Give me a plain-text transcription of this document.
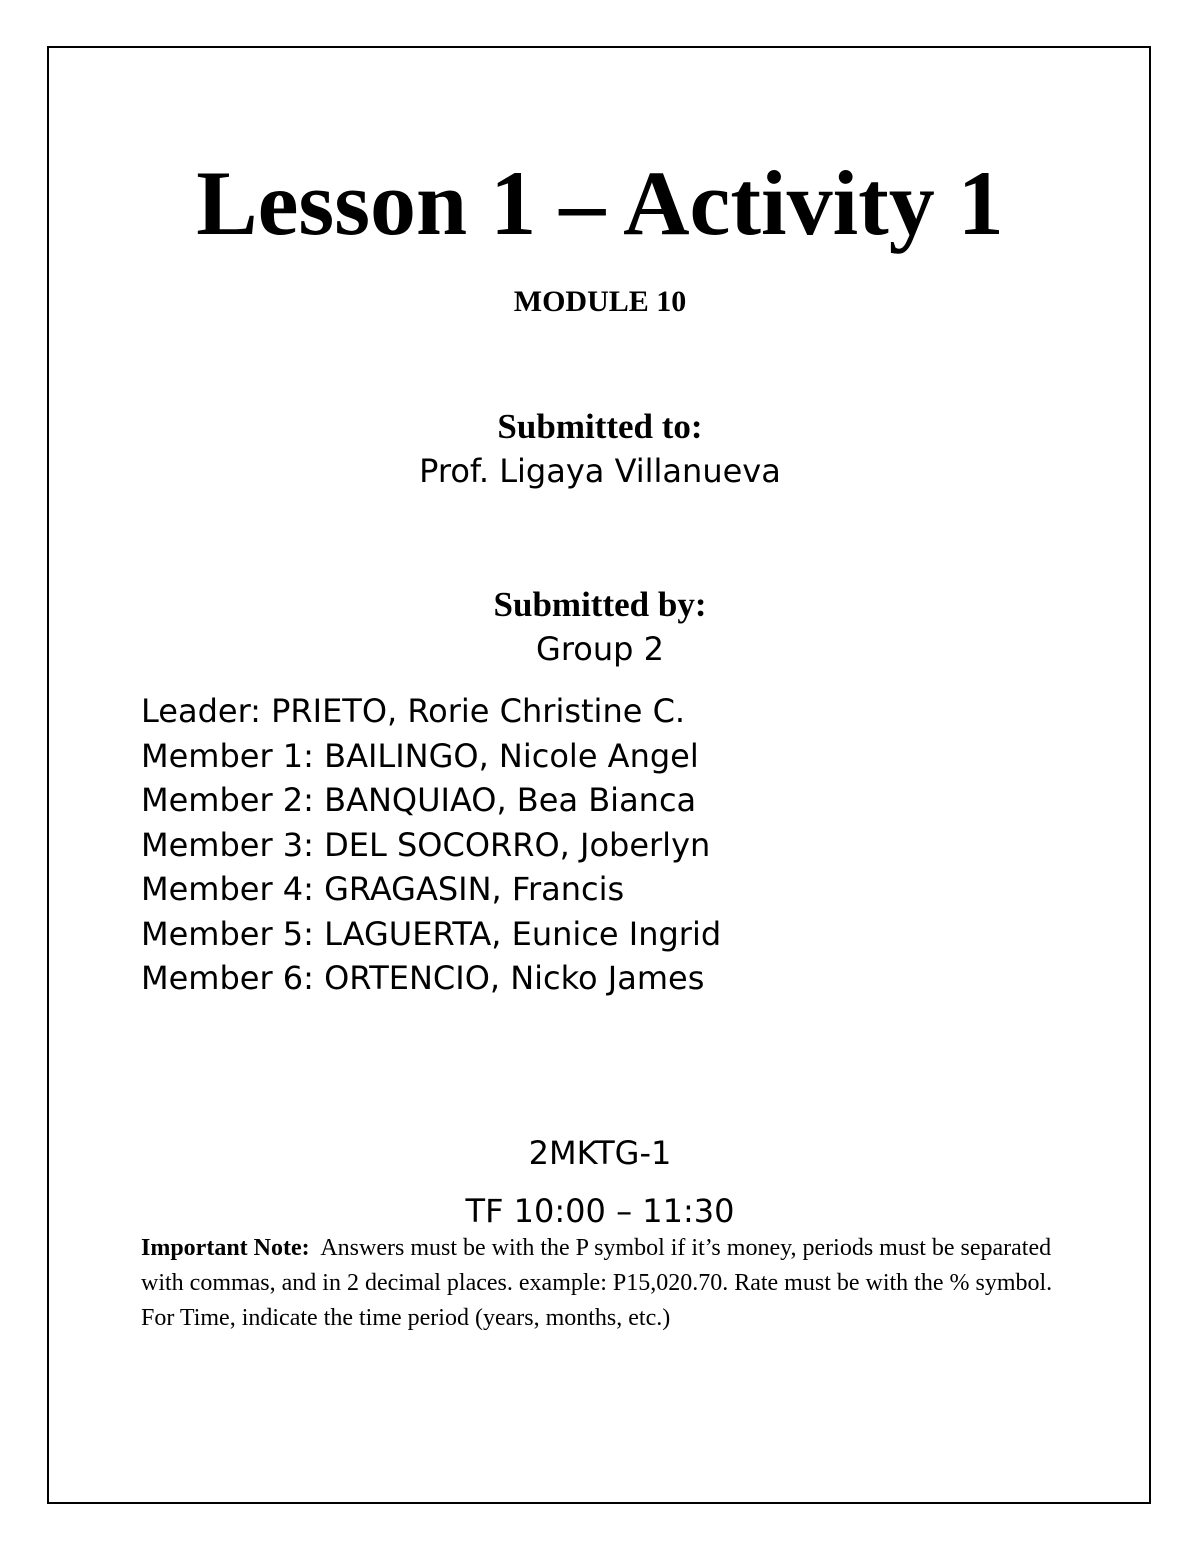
Lesson 1 – Activity 1
MODULE 10
Submitted to:
Prof. Ligaya Villanueva
Submitted by:
Group 2
Leader: PRIETO, Rorie Christine C.
Member 1: BAILINGO, Nicole Angel
Member 2: BANQUIAO, Bea Bianca
Member 3: DEL SOCORRO, Joberlyn
Member 4: GRAGASIN, Francis
Member 5: LAGUERTA, Eunice Ingrid
Member 6: ORTENCIO, Nicko James
2MKTG-1
TF 10:00 – 11:30
Important Note: Answers must be with the P symbol if it’s money, periods must be separated with commas, and in 2 decimal places. example: P15,020.70. Rate must be with the % symbol. For Time, indicate the time period (years, months, etc.)
